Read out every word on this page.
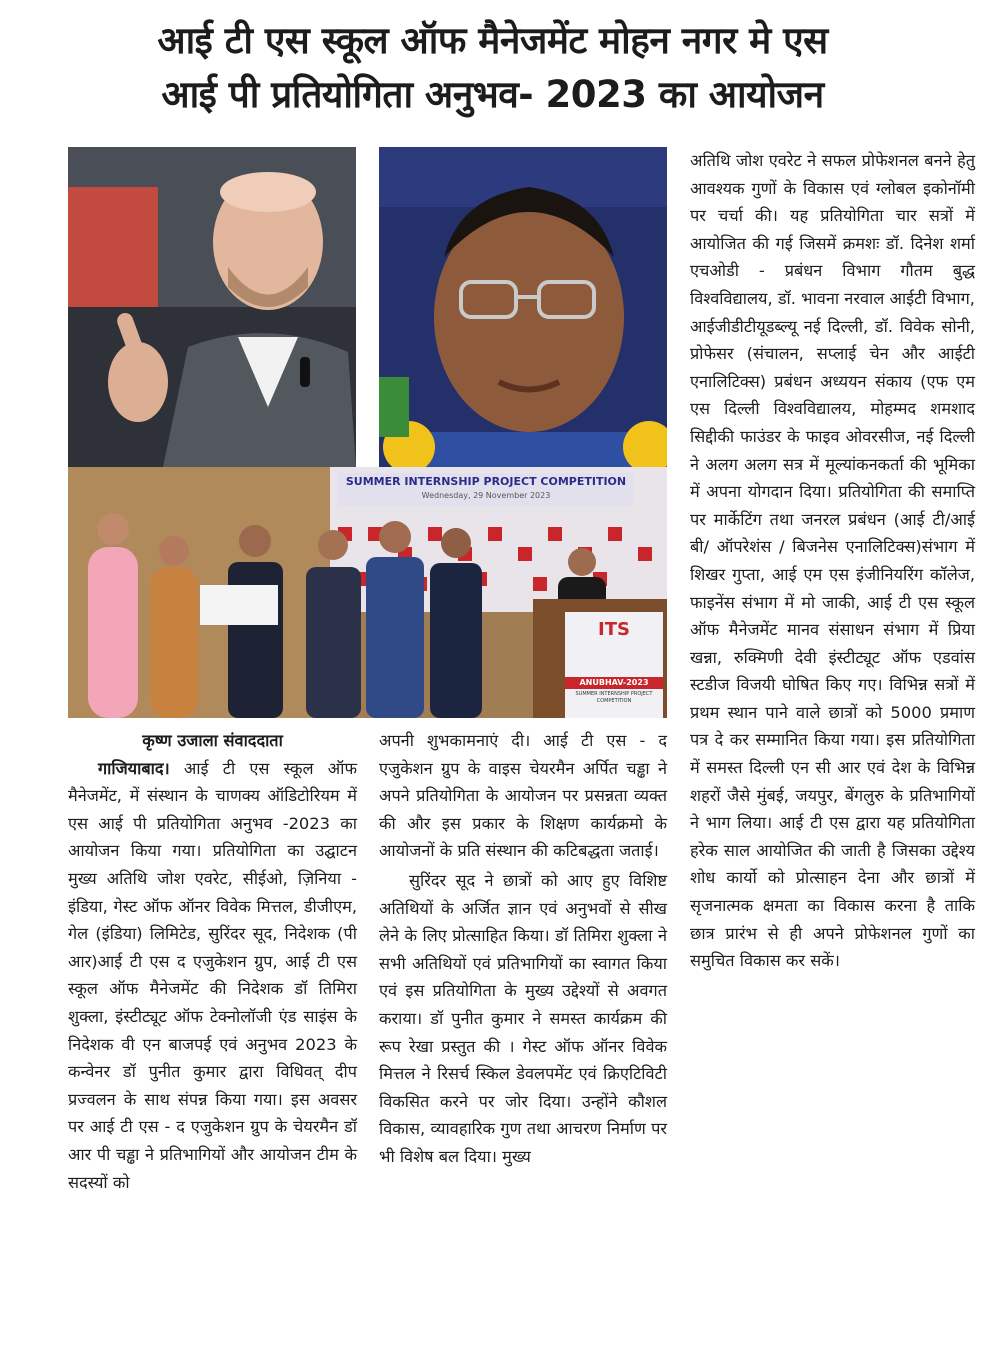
आई टी एस स्कूल ऑफ मैनेजमेंट मोहन नगर मे एस
आई पी प्रतियोगिता अनुभव- 2023 का आयोजन
SUMMER INTERNSHIP PROJECT COMPETITION
Wednesday, 29 November 2023
ITS
ANUBHAV-2023
SUMMER INTERNSHIP PROJECT COMPETITION

कृष्ण उजाला संवाददाता

गाजियाबाद। आई टी एस स्कूल ऑफ मैनेजमेंट, में संस्थान के चाणक्य ऑडिटोरियम में एस आई पी प्रतियोगिता अनुभव -2023 का आयोजन किया गया। प्रतियोगिता का उद्घाटन मुख्य अतिथि जोश एवरेट, सीईओ, ज़िनिया - इंडिया, गेस्ट ऑफ ऑनर विवेक मित्तल, डीजीएम, गेल (इंडिया) लिमिटेड, सुरिंदर सूद, निदेशक (पी आर)आई टी एस द एजुकेशन ग्रुप, आई टी एस स्कूल ऑफ मैनेजमेंट की निदेशक डॉ तिमिरा शुक्ला, इंस्टीट्यूट ऑफ टेक्नोलॉजी एंड साइंस के निदेशक वी एन बाजपई एवं अनुभव 2023 के कन्वेनर डॉ पुनीत कुमार द्वारा विधिवत्‌ दीप प्रज्वलन के साथ संपन्न किया गया। इस अवसर पर आई टी एस - द एजुकेशन ग्रुप के चेयरमैन डॉ आर पी चड्ढा ने प्रतिभागियों और आयोजन टीम के सदस्यों को

अपनी शुभकामनाएं दी। आई टी एस - द एजुकेशन ग्रुप के वाइस चेयरमैन अर्पित चड्ढा ने अपने प्रतियोगिता के आयोजन पर प्रसन्नता व्यक्त की और इस प्रकार के शिक्षण कार्यक्रमो के आयोजनों के प्रति संस्थान की कटिबद्धता जताई।

सुरिंदर सूद ने छात्रों को आए हुए विशिष्ट अतिथियों के अर्जित ज्ञान एवं अनुभवों से सीख लेने के लिए प्रोत्साहित किया। डॉ तिमिरा शुक्ला ने सभी अतिथियों एवं प्रतिभागियों का स्वागत किया एवं इस प्रतियोगिता के मुख्य उद्देश्यों से अवगत कराया। डॉ पुनीत कुमार ने समस्त कार्यक्रम की रूप रेखा प्रस्तुत की । गेस्ट ऑफ ऑनर विवेक मित्तल ने रिसर्च स्किल डेवलपमेंट एवं क्रिएटिविटी विकसित करने पर जोर दिया। उन्होंने कौशल विकास, व्यावहारिक गुण तथा आचरण निर्माण पर भी विशेष बल दिया। मुख्य

अतिथि जोश एवरेट ने सफल प्रोफेशनल बनने हेतु आवश्यक गुणों के विकास एवं ग्लोबल इकोनॉमी पर चर्चा की। यह प्रतियोगिता चार सत्रों में आयोजित की गई जिसमें क्रमशः डॉ. दिनेश शर्मा एचओडी - प्रबंधन विभाग गौतम बुद्ध विश्वविद्यालय, डॉ. भावना नरवाल आईटी विभाग, आईजीडीटीयूडब्ल्यू नई दिल्ली, डॉ. विवेक सोनी, प्रोफेसर (संचालन, सप्लाई चेन और आईटी एनालिटिक्स) प्रबंधन अध्ययन संकाय (एफ एम एस दिल्ली विश्वविद्यालय, मोहम्मद शमशाद सिद्दीकी फाउंडर के फाइव ओवरसीज, नई दिल्ली ने अलग अलग सत्र में मूल्यांकनकर्ता की भूमिका में अपना योगदान दिया। प्रतियोगिता की समाप्ति पर मार्केटिंग तथा जनरल प्रबंधन (आई टी/आई बी/ ऑपरेशंस / बिजनेस एनालिटिक्स)संभाग में शिखर गुप्ता, आई एम एस इंजीनियरिंग कॉलेज, फाइनेंस संभाग में मो जाकी, आई टी एस स्कूल ऑफ मैनेजमेंट मानव संसाधन संभाग में प्रिया खन्ना, रुक्मिणी देवी इंस्टीट्यूट ऑफ एडवांस स्टडीज विजयी घोषित किए गए। विभिन्न सत्रों में प्रथम स्थान पाने वाले छात्रों को 5000 प्रमाण पत्र दे कर सम्मानित किया गया। इस प्रतियोगिता में समस्त दिल्ली एन सी आर एवं देश के विभिन्न शहरों जैसे मुंबई, जयपुर, बेंगलुरु के प्रतिभागियों ने भाग लिया। आई टी एस द्वारा यह प्रतियोगिता हरेक साल आयोजित की जाती है जिसका उद्देश्य शोध कार्यो को प्रोत्साहन देना और छात्रों में सृजनात्मक क्षमता का विकास करना है ताकि छात्र प्रारंभ से ही अपने प्रोफेशनल गुणों का समुचित विकास कर सकें।
